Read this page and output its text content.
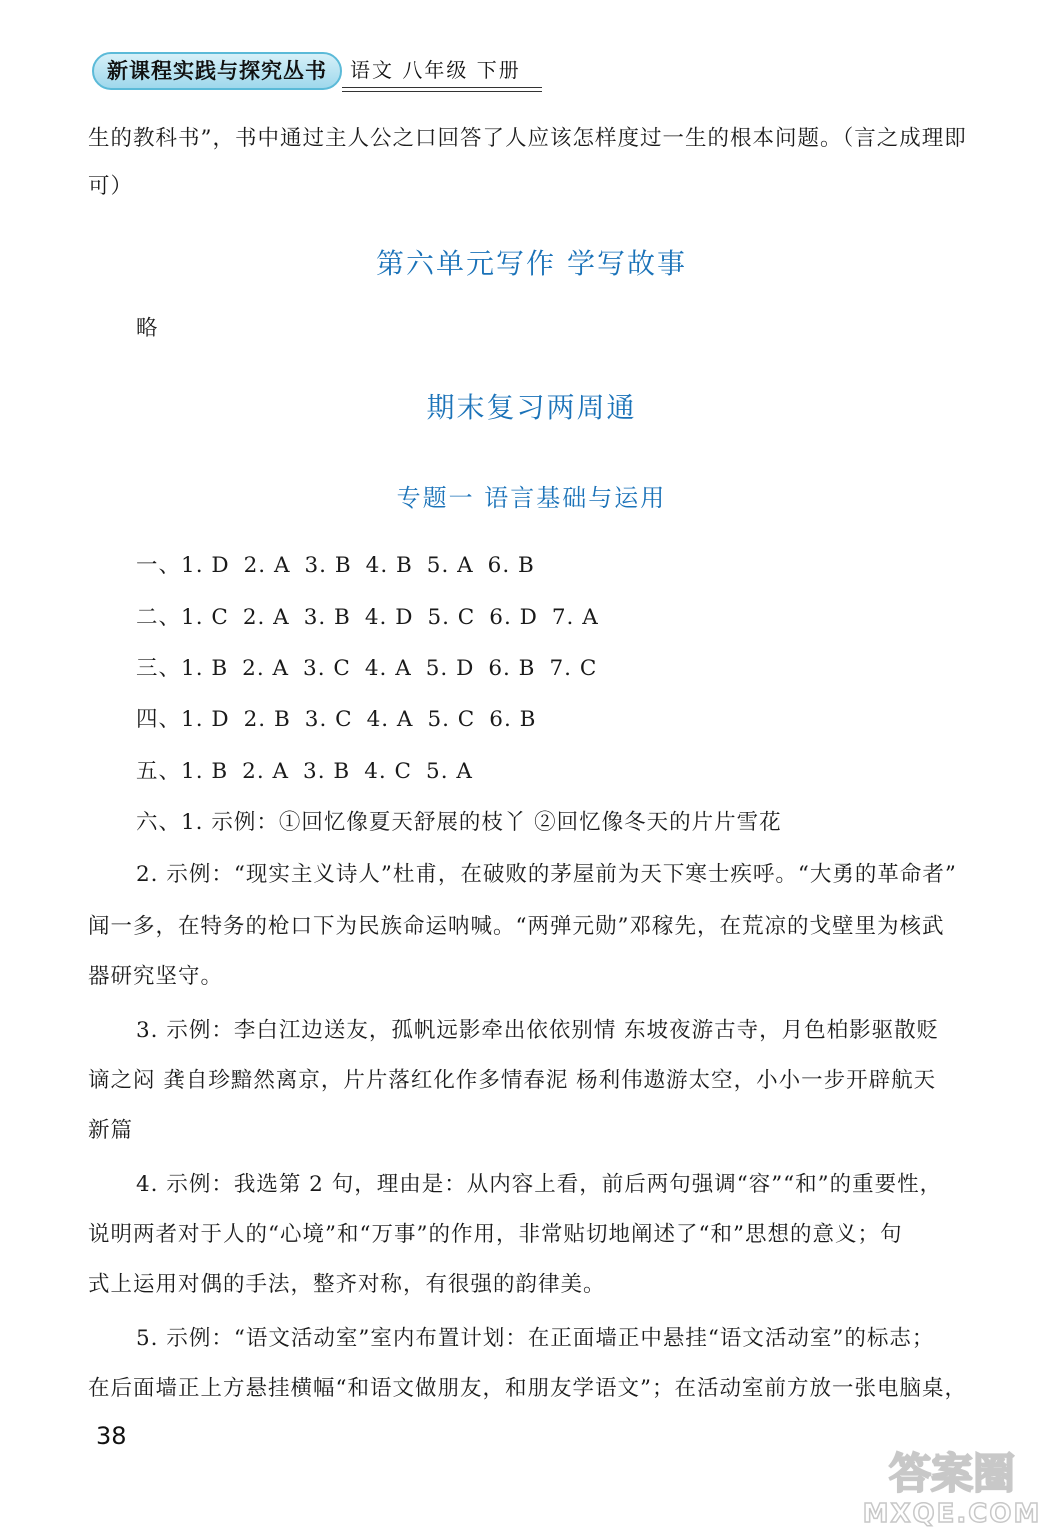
新课程实践与探究丛书	语文 八年级 下册
生的教科书”，书中通过主人公之口回答了人应该怎样度过一生的根本问题。（言之成理即
可）
第六单元写作 学写故事
略
期末复习两周通
专题一 语言基础与运用
一、1. D 2. A 3. B 4. B 5. A 6. B
二、1. C 2. A 3. B 4. D 5. C 6. D 7. A
三、1. B 2. A 3. C 4. A 5. D 6. B 7. C
四、1. D 2. B 3. C 4. A 5. C 6. B
五、1. B 2. A 3. B 4. C 5. A
六、1. 示例：①回忆像夏天舒展的枝丫 ②回忆像冬天的片片雪花
2. 示例：“现实主义诗人”杜甫，在破败的茅屋前为天下寒士疾呼。“大勇的革命者”
闻一多，在特务的枪口下为民族命运呐喊。“两弹元勋”邓稼先，在荒凉的戈壁里为核武
器研究坚守。
3. 示例：李白江边送友，孤帆远影牵出依依别情 东坡夜游古寺，月色柏影驱散贬
谪之闷 龚自珍黯然离京，片片落红化作多情春泥 杨利伟遨游太空，小小一步开辟航天
新篇
4. 示例：我选第 2 句，理由是：从内容上看，前后两句强调“容”“和”的重要性，
说明两者对于人的“心境”和“万事”的作用，非常贴切地阐述了“和”思想的意义；句
式上运用对偶的手法，整齐对称，有很强的韵律美。
5. 示例：“语文活动室”室内布置计划：在正面墙正中悬挂“语文活动室”的标志；
在后面墙正上方悬挂横幅“和语文做朋友，和朋友学语文”；在活动室前方放一张电脑桌，
38
答案圈
MXQE.COM
